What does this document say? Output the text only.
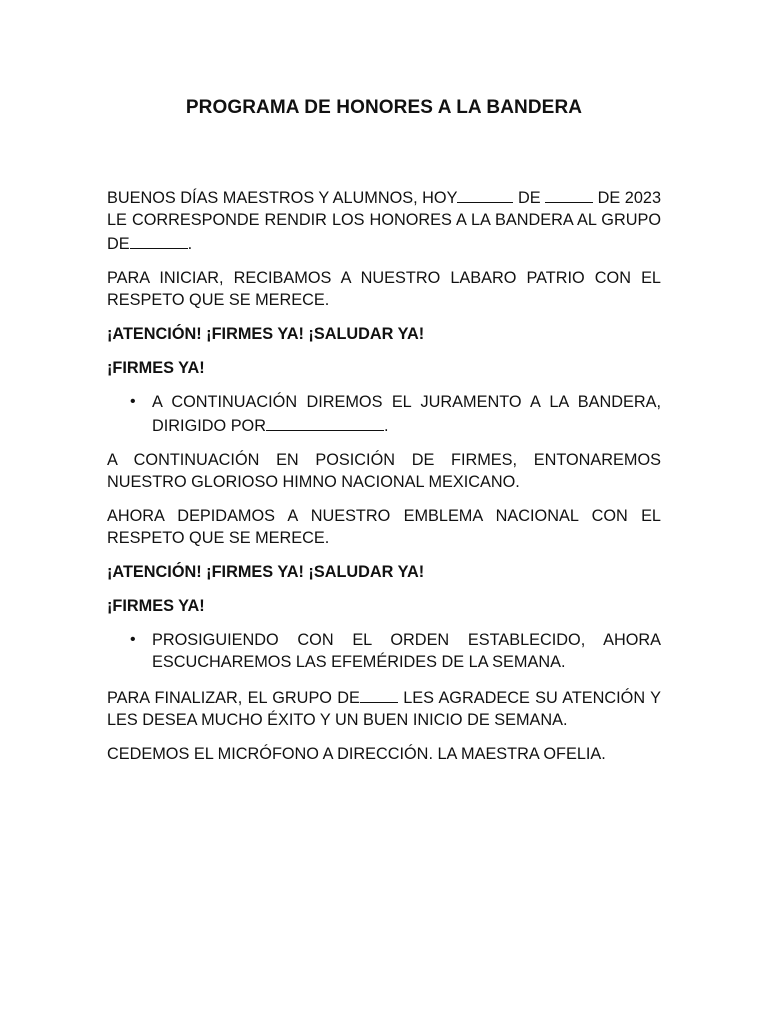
PROGRAMA DE HONORES A LA BANDERA

BUENOS DÍAS MAESTROS Y ALUMNOS, HOY	DE	DE 2023 LE CORRESPONDE RENDIR LOS HONORES A LA BANDERA AL GRUPO DE	.

PARA INICIAR, RECIBAMOS A NUESTRO LABARO PATRIO CON EL RESPETO QUE SE MERECE.

¡ATENCIÓN! ¡FIRMES YA! ¡SALUDAR YA!

¡FIRMES YA!

• A CONTINUACIÓN DIREMOS EL JURAMENTO A LA BANDERA, DIRIGIDO POR	.

A CONTINUACIÓN EN POSICIÓN DE FIRMES, ENTONAREMOS NUESTRO GLORIOSO HIMNO NACIONAL MEXICANO.

AHORA DEPIDAMOS A NUESTRO EMBLEMA NACIONAL CON EL RESPETO QUE SE MERECE.

¡ATENCIÓN! ¡FIRMES YA! ¡SALUDAR YA!

¡FIRMES YA!

• PROSIGUIENDO CON EL ORDEN ESTABLECIDO, AHORA ESCUCHAREMOS LAS EFEMÉRIDES DE LA SEMANA.

PARA FINALIZAR, EL GRUPO DE LES AGRADECE SU ATENCIÓN Y LES DESEA MUCHO ÉXITO Y UN BUEN INICIO DE SEMANA.

CEDEMOS EL MICRÓFONO A DIRECCIÓN. LA MAESTRA OFELIA.
